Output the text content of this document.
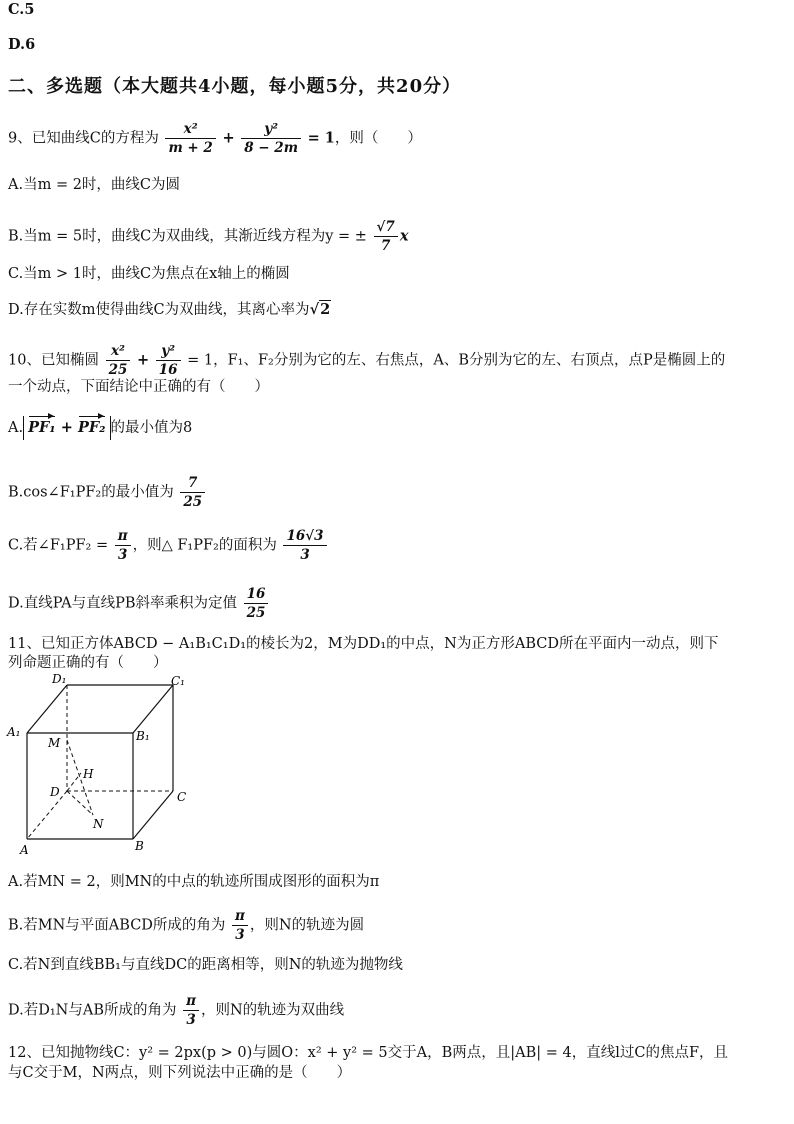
C.5
D.6
二、多选题（本大题共4小题，每小题5分，共20分）
9、已知曲线C的方程为 $\frac{\text{x²}}{m + 2} + \frac{\text{y²}}{8 - 2m} = 1$，则（　　）
A.当m = 2时，曲线C为圆
B.当m = 5时，曲线C为双曲线，其渐近线方程为y = ± $\frac{√7}{7}$ x
C.当m > 1时，曲线C为焦点在x轴上的椭圆
D.存在实数m使得曲线C为双曲线，其离心率为√2
10、已知椭圆 $\frac{\text{x²}}{25} + \frac{\text{y²}}{16} = 1$，F₁、F₂分别为它的左、右焦点，A、B分别为它的左、右顶点，点P是椭圆上的
一个动点，下面结论中正确的有（　　）
A. PF₁ + PF₂ 的最小值为8
B.cos∠F₁PF₂的最小值为 $\frac{7}{25}$
C.若∠F₁PF₂ = $\frac{\pi}{3}$ ，则△ F₁PF₂的面积为 $\frac{16√3}{3}$
D.直线PA与直线PB斜率乘积为定值 $\frac{16}{25}$
11、已知正方体ABCD − A₁B₁C₁D₁的棱长为2，M为DD₁的中点，N为正方形ABCD所在平面内一动点，则下
列命题正确的有（　　）
D₁	C₁
A₁	B₁
M
H
D	C
N
A	B
A.若MN = 2，则MN的中点的轨迹所围成图形的面积为π
B.若MN与平面ABCD所成的角为 $\frac{\pi}{3}$ ，则N的轨迹为圆
C.若N到直线BB₁与直线DC的距离相等，则N的轨迹为抛物线
D.若D₁N与AB所成的角为 $\frac{\pi}{3}$ ，则N的轨迹为双曲线
12、已知抛物线C：y² = 2px(p > 0)与圆O：x² + y² = 5交于A，B两点，且|AB| = 4，直线l过C的焦点F，且
与C交于M，N两点，则下列说法中正确的是（　　）
